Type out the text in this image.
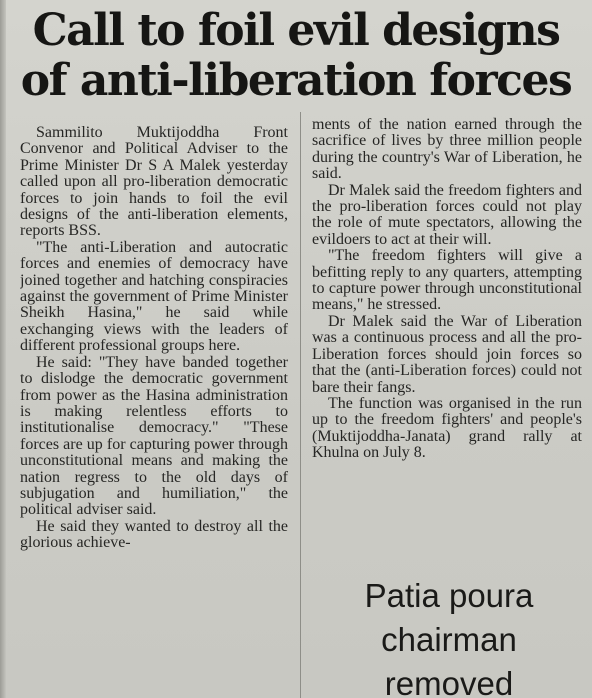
Call to foil evil designs
of anti-liberation forces

Sammilito Muktijoddha Front Convenor and Political Adviser to the Prime Minister Dr S A Malek yesterday called upon all pro-liberation democratic forces to join hands to foil the evil designs of the anti-liberation elements, reports BSS.

"The anti-Liberation and autocratic forces and enemies of democracy have joined together and hatching conspiracies against the government of Prime Minister Sheikh Hasina," he said while exchanging views with the leaders of different professional groups here.

He said: "They have banded together to dislodge the democratic government from power as the Hasina administration is making relentless efforts to institutionalise democracy." "These forces are up for capturing power through unconstitutional means and making the nation regress to the old days of subjugation and humiliation," the political adviser said.

He said they wanted to destroy all the glorious achieve-

ments of the nation earned through the sacrifice of lives by three million people during the country's War of Liberation, he said.

Dr Malek said the freedom fighters and the pro-liberation forces could not play the role of mute spectators, allowing the evildoers to act at their will.

"The freedom fighters will give a befitting reply to any quarters, attempting to capture power through unconstitutional means," he stressed.

Dr Malek said the War of Liberation was a continuous process and all the pro-Liberation forces should join forces so that the (anti-Liberation forces) could not bare their fangs.

The function was organised in the run up to the freedom fighters' and people's (Muktijoddha-Janata) grand rally at Khulna on July 8.

Patia poura
chairman
removed
